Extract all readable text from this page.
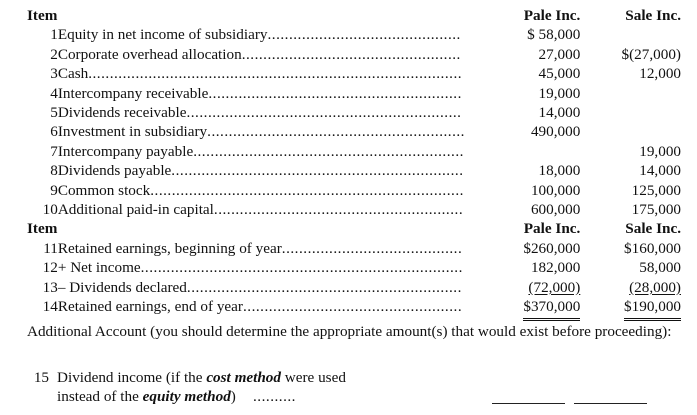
Item		Pale Inc.	Sale Inc.
1	Equity in net income of subsidiary.............................................	$ 58,000	
2	Corporate overhead allocation...................................................	27,000	$(27,000)
3	Cash.......................................................................................	45,000	12,000
4	Intercompany receivable...........................................................	19,000	
5	Dividends receivable................................................................	14,000	
6	Investment in subsidiary............................................................	490,000	
7	Intercompany payable...............................................................		19,000
8	Dividends payable....................................................................	18,000	14,000
9	Common stock.........................................................................	100,000	125,000
10	Additional paid-in capital..........................................................	600,000	175,000
Item		Pale Inc.	Sale Inc.
11	Retained earnings, beginning of year..........................................	$260,000	$160,000
12	+ Net income...........................................................................	182,000	58,000
13	– Dividends declared................................................................	(72,000)	(28,000)
14	Retained earnings, end of year...................................................	$370,000	$190,000
Additional Account (you should determine the appropriate amount(s) that would exist before proceeding):
15 Dividend income (if the cost method were used
instead of the equity method) ..........
